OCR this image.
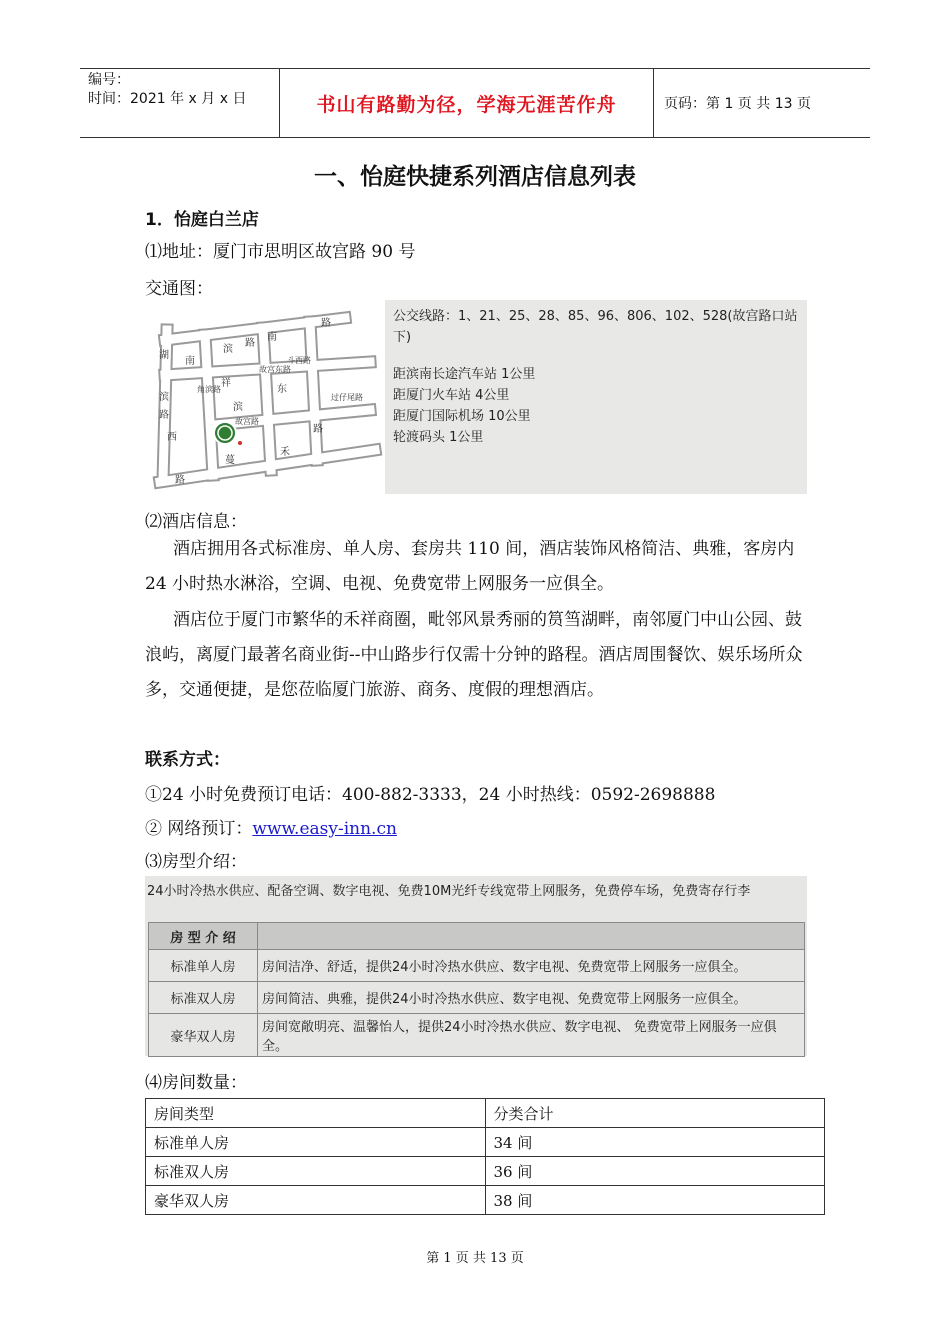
编号：
时间：2021 年 x 月 x 日	书山有路勤为径，学海无涯苦作舟	页码：第 1 页 共 13 页
一、怡庭快捷系列酒店信息列表
1．怡庭白兰店
⑴地址：厦门市思明区故宫路 90 号
交通图：
湖
南
滨
路
南
路
滨
路
西
滨
路
路
禾
蔓
祥
东
故宫东路
斗西路
角滨路
故宫路
过仔尾路
公交线路：1、21、25、28、85、96、806、102、528(故宫路口站下)
距滨南长途汽车站 1公里
距厦门火车站 4公里
距厦门国际机场 10公里
轮渡码头 1公里
⑵酒店信息：
酒店拥用各式标准房、单人房、套房共 110 间，酒店装饰风格简洁、典雅，客房内 24 小时热水淋浴，空调、电视、免费宽带上网服务一应俱全。
酒店位于厦门市繁华的禾祥商圈，毗邻风景秀丽的筼筜湖畔，南邻厦门中山公园、鼓浪屿，离厦门最著名商业街--中山路步行仅需十分钟的路程。酒店周围餐饮、娱乐场所众多，交通便捷，是您莅临厦门旅游、商务、度假的理想酒店。
联系方式：
①24 小时免费预订电话：400-882-3333，24 小时热线：0592-2698888
② 网络预订：www.easy-inn.cn
⑶房型介绍：
24小时冷热水供应、配备空调、数字电视、免费10M光纤专线宽带上网服务，免费停车场，免费寄存行李
房 型 介 绍	
标准单人房	房间洁净、舒适，提供24小时冷热水供应、数字电视、免费宽带上网服务一应俱全。
标准双人房	房间简洁、典雅，提供24小时冷热水供应、数字电视、免费宽带上网服务一应俱全。
豪华双人房	房间宽敞明亮、温馨怡人，提供24小时冷热水供应、数字电视、 免费宽带上网服务一应俱全。
⑷房间数量：
房间类型	分类合计
标准单人房	34 间
标准双人房	36 间
豪华双人房	38 间
第 1 页 共 13 页
